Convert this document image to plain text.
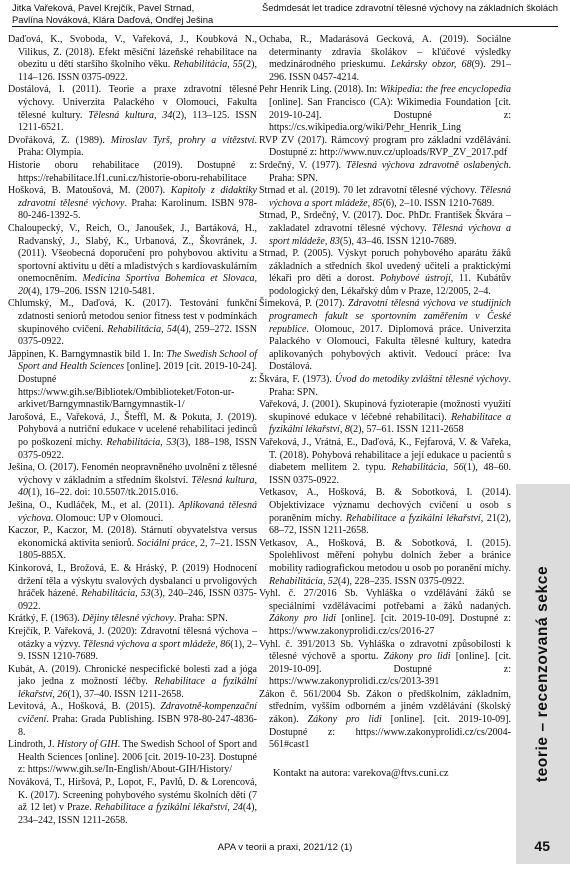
Jitka Vařeková, Pavel Krejčík, Pavel Strnad,
Pavlína Nováková, Klára Daďová, Ondřej Ješina
Šedmdesát let tradice zdravotní tělesné výchovy na základních školách

Daďová, K., Svoboda, V., Vařeková, J., Koubková N., Vilikus, Z. (2018). Efekt měsíční lázeňské rehabilitace na obezitu u dětí staršího školního věku. Rehabilitácia, 55(2), 114–126. ISSN 0375-0922.

Dostálová, I. (2011). Teorie a praxe zdravotní tělesné výchovy. Univerzita Palackého v Olomouci, Fakulta tělesné kultury. Tělesná kultura, 34(2), 113–125. ISSN 1211-6521.

Dvořáková, Z. (1989). Miroslav Tyrš, prohry a vítězství. Praha: Olympia.

Historie oboru rehabilitace (2019). Dostupné z: https://rehabilitace.lf1.cuni.cz/historie-oboru-rehabilitace

Hošková, B. Matoušová, M. (2007). Kapitoly z didaktiky zdravotní tělesné výchovy. Praha: Karolinum. ISBN 978-80-246-1392-5.

Chaloupecký, V., Reich, O., Janoušek, J., Bartáková, H., Radvanský, J., Slabý, K., Urbanová, Z., Škovránek, J. (2011). Všeobecná doporučení pro pohybovou aktivitu a sportovní aktivitu u dětí a mladistvých s kardiovaskulárním onemocněním. Medicina Sportiva Bohemica et Slovaca, 20(4), 179–206. ISSN 1210-5481.

Chlumský, M., Daďová, K. (2017). Testování funkční zdatnosti seniorů metodou senior fitness test v podmínkách skupinového cvičení. Rehabilitácia, 54(4), 259–272. ISSN 0375-0922.

Jäppinen, K. Barngymnastik bild 1. In: The Swedish School of Sport and Health Sciences [online]. 2019 [cit. 2019-10-24]. Dostupné z: https://www.gih.se/Bibliotek/Ombiblioteket/Foton-ur-arkivet/Barngymnastik/Barngymnastik-1/

Jarošová, E., Vařeková, J., Šteffl, M. & Pokuta, J. (2019). Pohybová a nutriční edukace v ucelené rehabilitaci jedinců po poškození míchy. Rehabilitácia, 53(3), 188–198, ISSN 0375-0922.

Ješina, O. (2017). Fenomén neopravněného uvolnění z tělesné výchovy v základním a středním školství. Tělesná kultura, 40(1), 16–22. doi: 10.5507/tk.2015.016.

Ješina, O., Kudláček, M., et al. (2011). Aplikovaná tělesná výchova. Olomouc: UP v Olomouci.

Kaczor, P., Kaczor, M. (2018). Stárnutí obyvatelstva versus ekonomická aktivita seniorů. Sociální práce, 2, 7–21. ISSN 1805-885X.

Kinkorová, I., Brožová, E. & Hráský, P. (2019) Hodnocení držení těla a výskytu svalových dysbalancí u prvoligových hráček házené. Rehabilitácia, 53(3), 240–246, ISSN 0375-0922.

Krátký, F. (1963). Dějiny tělesné výchovy. Praha: SPN.

Krejčík, P. Vařeková, J. (2020): Zdravotní tělesná výchova – otázky a výzvy. Tělesná výchova a sport mládeže, 86(1), 2–9. ISSN 1210-7689.

Kubát, A. (2019). Chronické nespecifické bolesti zad a jóga jako jedna z možností léčby. Rehabilitace a fyzikální lékařství, 26(1), 37–40. ISSN 1211-2658.

Levitová, A., Hošková, B. (2015). Zdravotně-kompenzační cvičení. Praha: Grada Publishing. ISBN 978-80-247-4836-8.

Lindroth, J. History of GIH. The Swedish School of Sport and Health Sciences [online]. 2006 [cit. 2019-10-23]. Dostupné z: https://www.gih.se/In-English/About-GIH/History/

Nováková, T., Hiršová, P., Lopot, F., Pavlů, D. & Lorencová, K. (2017). Screening pohybového systému školních dětí (7 až 12 let) v Praze. Rehabilitace a fyzikální lékařství, 24(4), 234–242, ISSN 1211-2658.

Ochaba, R., Madarásová Gecková, A. (2019). Sociálne determinanty zdravia školákov – kľúčové výsledky medzinárodného prieskumu. Lekársky obzor, 68(9). 291–296. ISSN 0457-4214.

Pehr Henrik Ling. (2018). In: Wikipedia: the free encyclopedia [online]. San Francisco (CA): Wikimedia Foundation [cit. 2019-10-24]. Dostupné z: https://cs.wikipedia.org/wiki/Pehr_Henrik_Ling

RVP ZV (2017). Rámcový program pro základní vzdělávání. Dostupné z: http://www.nuv.cz/uploads/RVP_ZV_2017.pdf

Srdečný, V. (1977). Tělesná výchova zdravotně oslabených. Praha: SPN.

Strnad et al. (2019). 70 let zdravotní tělesné výchovy. Tělesná výchova a sport mládeže, 85(6), 2–10. ISSN 1210-7689.

Strnad, P., Srdečný, V. (2017). Doc. PhDr. František Škvára – zakladatel zdravotní tělesné výchovy. Tělesná výchova a sport mládeže, 83(5), 43–46. ISSN 1210-7689.

Strnad, P. (2005). Výskyt poruch pohybového aparátu žáků základních a středních škol uvedený učiteli a praktickými lékaři pro děti a dorost. Pohybové ústrojí, 11. Kubátův podologický den, Lékařský dům v Praze, 12/2005, 2–4.

Šimeková, P. (2017). Zdravotní tělesná výchova ve studijních programech fakult se sportovním zaměřením v České republice. Olomouc, 2017. Diplomová práce. Univerzita Palackého v Olomouci, Fakulta tělesné kultury, katedra aplikovaných pohybových aktivit. Vedoucí práce: Iva Dostálová.

Škvára, F. (1973). Úvod do metodiky zvláštní tělesné výchovy. Praha: SPN.

Vařeková, J. (2001). Skupinová fyzioterapie (možnosti využití skupinové edukace v léčebné rehabilitaci). Rehabilitace a fyzikální lékařství, 8(2), 57–61. ISSN 1211-2658

Vařeková, J., Vrátná, E., Daďová, K., Fejfarová, V. & Vařeka, T. (2018). Pohybová rehabilitace a její edukace u pacientů s diabetem mellitem 2. typu. Rehabilitácia, 56(1), 48–60. ISSN 0375-0922.

Vetkasov, A., Hošková, B. & Sobotková, I. (2014). Objektivizace významu dechových cvičení u osob s poraněním míchy. Rehabilitace a fyzikální lékařství, 21(2), 68–72, ISSN 1211-2658.

Vetkasov, A., Hošková, B. & Sobotková, I. (2015). Spolehlivost měření pohybu dolních žeber a bránice mobility radiografickou metodou u osob po poranění míchy. Rehabilitácia, 52(4), 228–235. ISSN 0375-0922.

Vyhl. č. 27/2016 Sb. Vyhláška o vzdělávání žáků se speciálními vzdělávacími potřebami a žáků nadaných. Zákony pro lidi [online]. [cit. 2019-10-09]. Dostupné z: https://www.zakonyprolidi.cz/cs/2016-27

Vyhl. č. 391/2013 Sb. Vyhláška o zdravotní způsobilosti k tělesné výchově a sportu. Zákony pro lidi [online]. [cit. 2019-10-09]. Dostupné z: https://www.zakonyprolidi.cz/cs/2013-391

Zákon č. 561/2004 Sb. Zákon o předškolním, základním, středním, vyšším odborném a jiném vzdělávání (školský zákon). Zákony pro lidi [online]. [cit. 2019-10-09]. Dostupné z: https://www.zakonyprolidi.cz/cs/2004-561#cast1

Kontakt na autora: varekova@ftvs.cuni.cz	teorie – recenzovaná sekce
APA v teorii a praxi, 2021/12 (1)	45
